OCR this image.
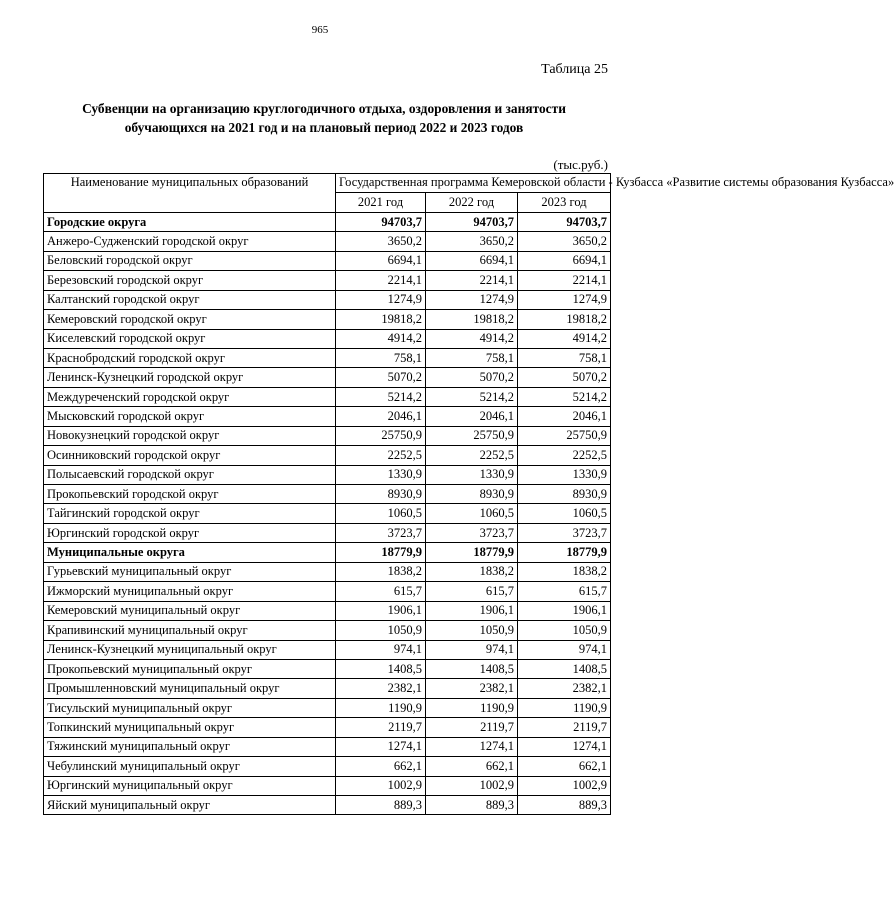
965
Таблица 25
Субвенции на организацию круглогодичного отдыха, оздоровления и занятости обучающихся на 2021 год и на плановый период 2022 и 2023 годов
(тыс.руб.)
Наименование муниципальных образований	Государственная программа Кемеровской области - Кузбасса «Развитие системы образования Кузбасса»		
	2021 год	2022 год	2023 год
Городские округа	94703,7	94703,7	94703,7
Анжеро-Судженский городской округ	3650,2	3650,2	3650,2
Беловский городской округ	6694,1	6694,1	6694,1
Березовский городской округ	2214,1	2214,1	2214,1
Калтанский городской округ	1274,9	1274,9	1274,9
Кемеровский городской округ	19818,2	19818,2	19818,2
Киселевский городской округ	4914,2	4914,2	4914,2
Краснобродский городской округ	758,1	758,1	758,1
Ленинск-Кузнецкий городской округ	5070,2	5070,2	5070,2
Междуреченский городской округ	5214,2	5214,2	5214,2
Мысковский городской округ	2046,1	2046,1	2046,1
Новокузнецкий городской округ	25750,9	25750,9	25750,9
Осинниковский городской округ	2252,5	2252,5	2252,5
Полысаевский городской округ	1330,9	1330,9	1330,9
Прокопьевский городской округ	8930,9	8930,9	8930,9
Тайгинский городской округ	1060,5	1060,5	1060,5
Юргинский городской округ	3723,7	3723,7	3723,7
Муниципальные округа	18779,9	18779,9	18779,9
Гурьевский муниципальный округ	1838,2	1838,2	1838,2
Ижморский муниципальный округ	615,7	615,7	615,7
Кемеровский муниципальный округ	1906,1	1906,1	1906,1
Крапивинский муниципальный округ	1050,9	1050,9	1050,9
Ленинск-Кузнецкий муниципальный округ	974,1	974,1	974,1
Прокопьевский муниципальный округ	1408,5	1408,5	1408,5
Промышленновский муниципальный округ	2382,1	2382,1	2382,1
Тисульский муниципальный округ	1190,9	1190,9	1190,9
Топкинский муниципальный округ	2119,7	2119,7	2119,7
Тяжинский муниципальный округ	1274,1	1274,1	1274,1
Чебулинский муниципальный округ	662,1	662,1	662,1
Юргинский муниципальный округ	1002,9	1002,9	1002,9
Яйский муниципальный округ	889,3	889,3	889,3
